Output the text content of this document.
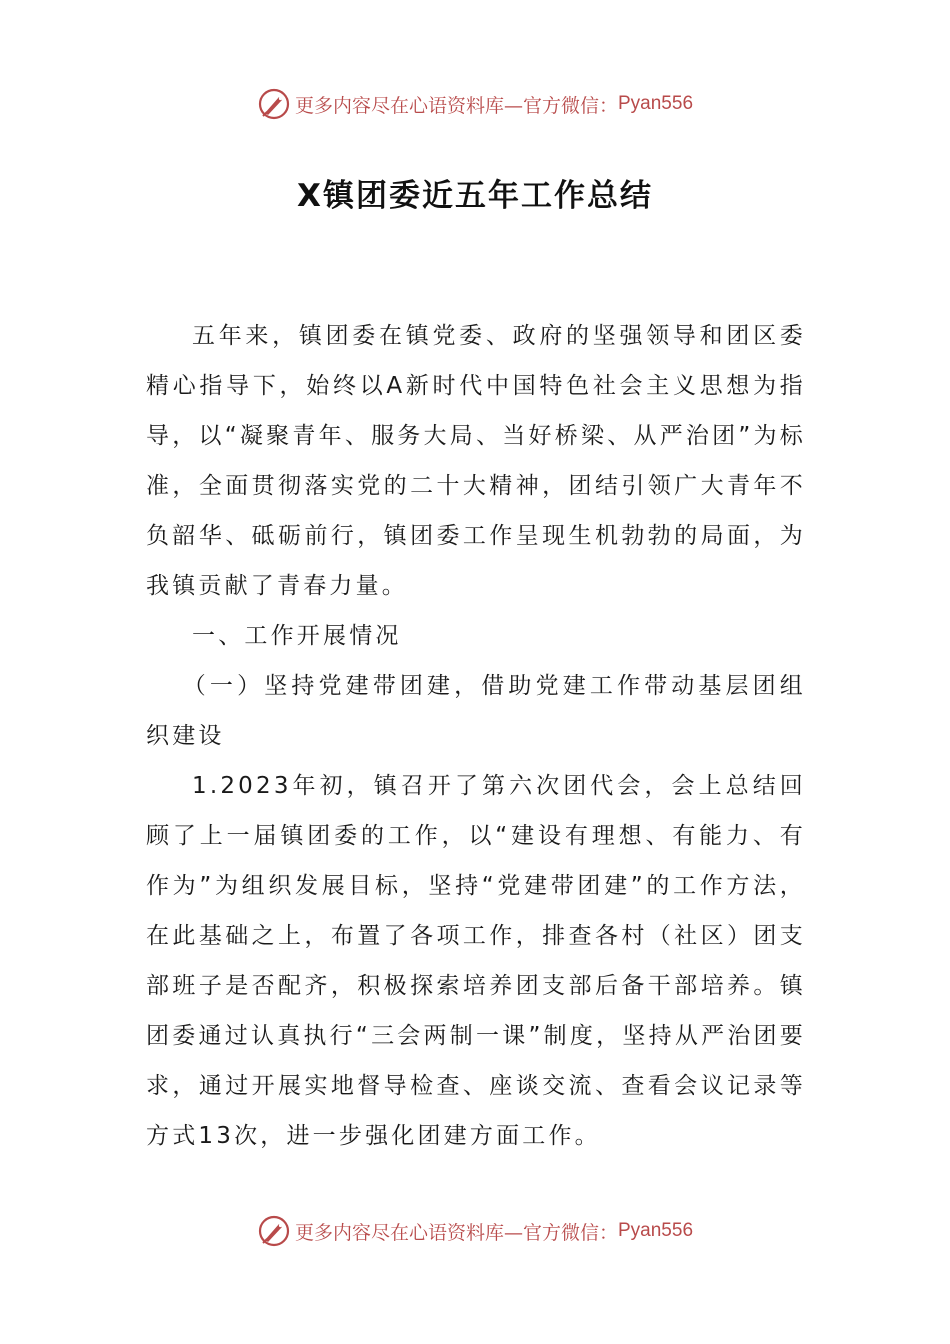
更多内容尽在心语资料库—官方微信： Pyan556
X镇团委近五年工作总结

五年来，镇团委在镇党委、政府的坚强领导和团区委精心指导下，始终以A新时代中国特色社会主义思想为指导，以“凝聚青年、服务大局、当好桥梁、从严治团”为标准，全面贯彻落实党的二十大精神，团结引领广大青年不负韶华、砥砺前行，镇团委工作呈现生机勃勃的局面，为我镇贡献了青春力量。

一、工作开展情况

（一）坚持党建带团建，借助党建工作带动基层团组织建设

1.2023年初，镇召开了第六次团代会，会上总结回顾了上一届镇团委的工作，以“建设有理想、有能力、有作为”为组织发展目标，坚持“党建带团建”的工作方法，在此基础之上，布置了各项工作，排查各村（社区）团支部班子是否配齐，积极探索培养团支部后备干部培养。镇团委通过认真执行“三会两制一课”制度，坚持从严治团要求，通过开展实地督导检查、座谈交流、查看会议记录等方式13次，进一步强化团建方面工作。

更多内容尽在心语资料库—官方微信： Pyan556
